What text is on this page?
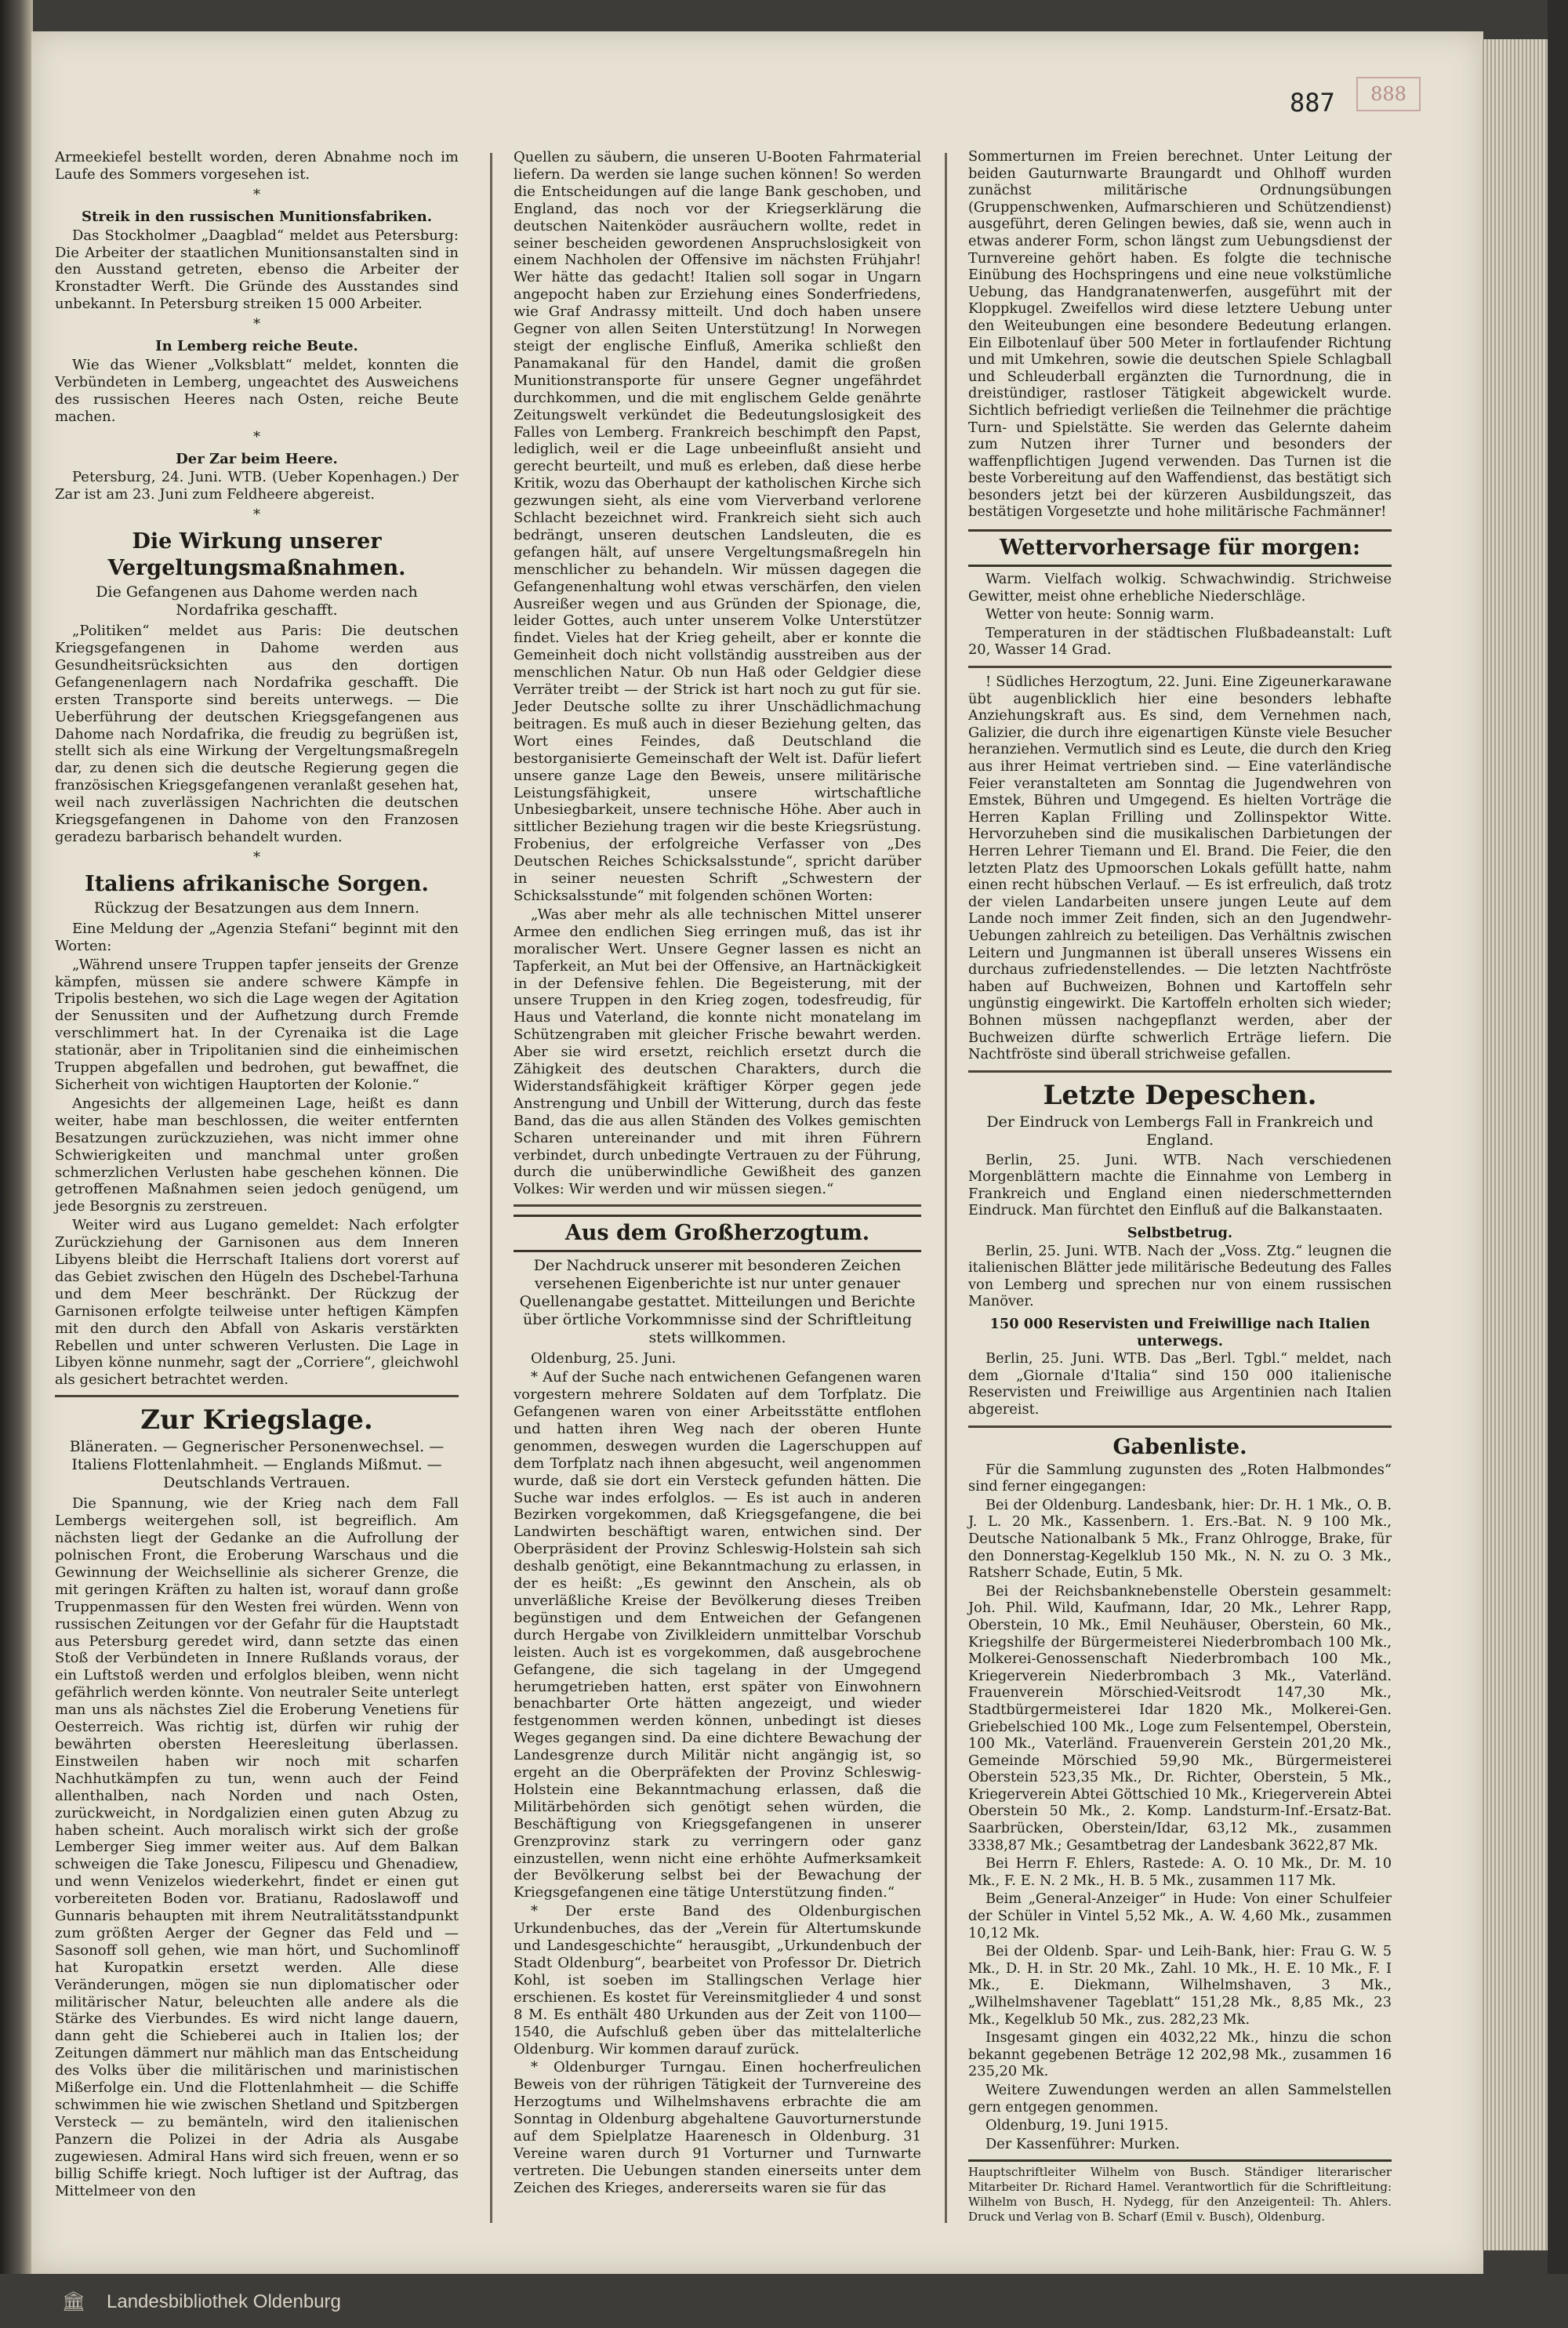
887	888

Armeekiefel bestellt worden, deren Abnahme noch im Laufe des Sommers vorgesehen ist.

*
Streik in den russischen Munitionsfabriken.

Das Stockholmer „Daagblad“ meldet aus Petersburg: Die Arbeiter der staatlichen Munitionsanstalten sind in den Ausstand getreten, ebenso die Arbeiter der Kronstadter Werft. Die Gründe des Ausstandes sind unbekannt. In Petersburg streiken 15 000 Arbeiter.

*
In Lemberg reiche Beute.

Wie das Wiener „Volksblatt“ meldet, konnten die Verbündeten in Lemberg, ungeachtet des Ausweichens des russischen Heeres nach Osten, reiche Beute machen.

*
Der Zar beim Heere.

Petersburg, 24. Juni. WTB. (Ueber Kopenhagen.) Der Zar ist am 23. Juni zum Feldheere abgereist.

*
Die Wirkung unserer Vergeltungsmaßnahmen.
Die Gefangenen aus Dahome werden nach Nordafrika geschafft.

„Politiken“ meldet aus Paris: Die deutschen Kriegsgefangenen in Dahome werden aus Gesundheitsrücksichten aus den dortigen Gefangenenlagern nach Nordafrika geschafft. Die ersten Transporte sind bereits unterwegs. — Die Ueberführung der deutschen Kriegsgefangenen aus Dahome nach Nordafrika, die freudig zu begrüßen ist, stellt sich als eine Wirkung der Vergeltungsmaßregeln dar, zu denen sich die deutsche Regierung gegen die französischen Kriegsgefangenen veranlaßt gesehen hat, weil nach zuverlässigen Nachrichten die deutschen Kriegsgefangenen in Dahome von den Franzosen geradezu barbarisch behandelt wurden.

*
Italiens afrikanische Sorgen.
Rückzug der Besatzungen aus dem Innern.

Eine Meldung der „Agenzia Stefani“ beginnt mit den Worten:

„Während unsere Truppen tapfer jenseits der Grenze kämpfen, müssen sie andere schwere Kämpfe in Tripolis bestehen, wo sich die Lage wegen der Agitation der Senussiten und der Aufhetzung durch Fremde verschlimmert hat. In der Cyrenaika ist die Lage stationär, aber in Tripolitanien sind die einheimischen Truppen abgefallen und bedrohen, gut bewaffnet, die Sicherheit von wichtigen Hauptorten der Kolonie.“

Angesichts der allgemeinen Lage, heißt es dann weiter, habe man beschlossen, die weiter entfernten Besatzungen zurückzuziehen, was nicht immer ohne Schwierigkeiten und manchmal unter großen schmerzlichen Verlusten habe geschehen können. Die getroffenen Maßnahmen seien jedoch genügend, um jede Besorgnis zu zerstreuen.

Weiter wird aus Lugano gemeldet: Nach erfolgter Zurückziehung der Garnisonen aus dem Inneren Libyens bleibt die Herrschaft Italiens dort vorerst auf das Gebiet zwischen den Hügeln des Dschebel-Tarhuna und dem Meer beschränkt. Der Rückzug der Garnisonen erfolgte teilweise unter heftigen Kämpfen mit den durch den Abfall von Askaris verstärkten Rebellen und unter schweren Verlusten. Die Lage in Libyen könne nunmehr, sagt der „Corriere“, gleichwohl als gesichert betrachtet werden.

Zur Kriegslage.
Bläneraten. — Gegnerischer Personenwechsel. — Italiens Flottenlahmheit. — Englands Mißmut. — Deutschlands Vertrauen.

Die Spannung, wie der Krieg nach dem Fall Lembergs weitergehen soll, ist begreiflich. Am nächsten liegt der Gedanke an die Aufrollung der polnischen Front, die Eroberung Warschaus und die Gewinnung der Weichsellinie als sicherer Grenze, die mit geringen Kräften zu halten ist, worauf dann große Truppenmassen für den Westen frei würden. Wenn von russischen Zeitungen vor der Gefahr für die Hauptstadt aus Petersburg geredet wird, dann setzte das einen Stoß der Verbündeten in Innere Rußlands voraus, der ein Luftstoß werden und erfolglos bleiben, wenn nicht gefährlich werden könnte. Von neutraler Seite unterlegt man uns als nächstes Ziel die Eroberung Venetiens für Oesterreich. Was richtig ist, dürfen wir ruhig der bewährten obersten Heeresleitung überlassen. Einstweilen haben wir noch mit scharfen Nachhutkämpfen zu tun, wenn auch der Feind allenthalben, nach Norden und nach Osten, zurückweicht, in Nordgalizien einen guten Abzug zu haben scheint. Auch moralisch wirkt sich der große Lemberger Sieg immer weiter aus. Auf dem Balkan schweigen die Take Jonescu, Filipescu und Ghenadiew, und wenn Venizelos wiederkehrt, findet er einen gut vorbereiteten Boden vor. Bratianu, Radoslawoff und Gunnaris behaupten mit ihrem Neutralitätsstandpunkt zum größten Aerger der Gegner das Feld und — Sasonoff soll gehen, wie man hört, und Suchomlinoff hat Kuropatkin ersetzt werden. Alle diese Veränderungen, mögen sie nun diplomatischer oder militärischer Natur, beleuchten alle andere als die Stärke des Vierbundes. Es wird nicht lange dauern, dann geht die Schieberei auch in Italien los; der Zeitungen dämmert nur mählich man das Entscheidung des Volks über die militärischen und marinistischen Mißerfolge ein. Und die Flottenlahmheit — die Schiffe schwimmen hie wie zwischen Shetland und Spitzbergen Versteck — zu bemänteln, wird den italienischen Panzern die Polizei in der Adria als Ausgabe zugewiesen. Admiral Hans wird sich freuen, wenn er so billig Schiffe kriegt. Noch luftiger ist der Auftrag, das Mittelmeer von den

Quellen zu säubern, die unseren U-Booten Fahrmaterial liefern. Da werden sie lange suchen können! So werden die Entscheidungen auf die lange Bank geschoben, und England, das noch vor der Kriegserklärung die deutschen Naitenköder ausräuchern wollte, redet in seiner bescheiden gewordenen Anspruchslosigkeit von einem Nachholen der Offensive im nächsten Frühjahr! Wer hätte das gedacht! Italien soll sogar in Ungarn angepocht haben zur Erziehung eines Sonderfriedens, wie Graf Andrassy mitteilt. Und doch haben unsere Gegner von allen Seiten Unterstützung! In Norwegen steigt der englische Einfluß, Amerika schließt den Panamakanal für den Handel, damit die großen Munitionstransporte für unsere Gegner ungefährdet durchkommen, und die mit englischem Gelde genährte Zeitungswelt verkündet die Bedeutungslosigkeit des Falles von Lemberg. Frankreich beschimpft den Papst, lediglich, weil er die Lage unbeeinflußt ansieht und gerecht beurteilt, und muß es erleben, daß diese herbe Kritik, wozu das Oberhaupt der katholischen Kirche sich gezwungen sieht, als eine vom Vierverband verlorene Schlacht bezeichnet wird. Frankreich sieht sich auch bedrängt, unseren deutschen Landsleuten, die es gefangen hält, auf unsere Vergeltungsmaßregeln hin menschlicher zu behandeln. Wir müssen dagegen die Gefangenenhaltung wohl etwas verschärfen, den vielen Ausreißer wegen und aus Gründen der Spionage, die, leider Gottes, auch unter unserem Volke Unterstützer findet. Vieles hat der Krieg geheilt, aber er konnte die Gemeinheit doch nicht vollständig ausstreiben aus der menschlichen Natur. Ob nun Haß oder Geldgier diese Verräter treibt — der Strick ist hart noch zu gut für sie. Jeder Deutsche sollte zu ihrer Unschädlichmachung beitragen. Es muß auch in dieser Beziehung gelten, das Wort eines Feindes, daß Deutschland die bestorganisierte Gemeinschaft der Welt ist. Dafür liefert unsere ganze Lage den Beweis, unsere militärische Leistungsfähigkeit, unsere wirtschaftliche Unbesiegbarkeit, unsere technische Höhe. Aber auch in sittlicher Beziehung tragen wir die beste Kriegsrüstung. Frobenius, der erfolgreiche Verfasser von „Des Deutschen Reiches Schicksalsstunde“, spricht darüber in seiner neuesten Schrift „Schwestern der Schicksalsstunde“ mit folgenden schönen Worten:

„Was aber mehr als alle technischen Mittel unserer Armee den endlichen Sieg erringen muß, das ist ihr moralischer Wert. Unsere Gegner lassen es nicht an Tapferkeit, an Mut bei der Offensive, an Hartnäckigkeit in der Defensive fehlen. Die Begeisterung, mit der unsere Truppen in den Krieg zogen, todesfreudig, für Haus und Vaterland, die konnte nicht monatelang im Schützengraben mit gleicher Frische bewahrt werden. Aber sie wird ersetzt, reichlich ersetzt durch die Zähigkeit des deutschen Charakters, durch die Widerstandsfähigkeit kräftiger Körper gegen jede Anstrengung und Unbill der Witterung, durch das feste Band, das die aus allen Ständen des Volkes gemischten Scharen untereinander und mit ihren Führern verbindet, durch unbedingte Vertrauen zu der Führung, durch die unüberwindliche Gewißheit des ganzen Volkes: Wir werden und wir müssen siegen.“

Aus dem Großherzogtum.
Der Nachdruck unserer mit besonderen Zeichen versehenen Eigenberichte ist nur unter genauer Quellenangabe gestattet. Mitteilungen und Berichte über örtliche Vorkommnisse sind der Schriftleitung stets willkommen.

Oldenburg, 25. Juni.

* Auf der Suche nach entwichenen Gefangenen waren vorgestern mehrere Soldaten auf dem Torfplatz. Die Gefangenen waren von einer Arbeitsstätte entflohen und hatten ihren Weg nach der oberen Hunte genommen, deswegen wurden die Lagerschuppen auf dem Torfplatz nach ihnen abgesucht, weil angenommen wurde, daß sie dort ein Versteck gefunden hätten. Die Suche war indes erfolglos. — Es ist auch in anderen Bezirken vorgekommen, daß Kriegsgefangene, die bei Landwirten beschäftigt waren, entwichen sind. Der Oberpräsident der Provinz Schleswig-Holstein sah sich deshalb genötigt, eine Bekanntmachung zu erlassen, in der es heißt: „Es gewinnt den Anschein, als ob unverläßliche Kreise der Bevölkerung dieses Treiben begünstigen und dem Entweichen der Gefangenen durch Hergabe von Zivilkleidern unmittelbar Vorschub leisten. Auch ist es vorgekommen, daß ausgebrochene Gefangene, die sich tagelang in der Umgegend herumgetrieben hatten, erst später von Einwohnern benachbarter Orte hätten angezeigt, und wieder festgenommen werden können, unbedingt ist dieses Weges gegangen sind. Da eine dichtere Bewachung der Landesgrenze durch Militär nicht angängig ist, so ergeht an die Oberpräfekten der Provinz Schleswig-Holstein eine Bekanntmachung erlassen, daß die Militärbehörden sich genötigt sehen würden, die Beschäftigung von Kriegsgefangenen in unserer Grenzprovinz stark zu verringern oder ganz einzustellen, wenn nicht eine erhöhte Aufmerksamkeit der Bevölkerung selbst bei der Bewachung der Kriegsgefangenen eine tätige Unterstützung finden.“

* Der erste Band des Oldenburgischen Urkundenbuches, das der „Verein für Altertumskunde und Landesgeschichte“ herausgibt, „Urkundenbuch der Stadt Oldenburg“, bearbeitet von Professor Dr. Dietrich Kohl, ist soeben im Stallingschen Verlage hier erschienen. Es kostet für Vereinsmitglieder 4 und sonst 8 M. Es enthält 480 Urkunden aus der Zeit von 1100—1540, die Aufschluß geben über das mittelalterliche Oldenburg. Wir kommen darauf zurück.

* Oldenburger Turngau. Einen hocherfreulichen Beweis von der rührigen Tätigkeit der Turnvereine des Herzogtums und Wilhelmshavens erbrachte die am Sonntag in Oldenburg abgehaltene Gauvorturnerstunde auf dem Spielplatze Haarenesch in Oldenburg. 31 Vereine waren durch 91 Vorturner und Turnwarte vertreten. Die Uebungen standen einerseits unter dem Zeichen des Krieges, andererseits waren sie für das

Sommerturnen im Freien berechnet. Unter Leitung der beiden Gauturnwarte Braungardt und Ohlhoff wurden zunächst militärische Ordnungsübungen (Gruppenschwenken, Aufmarschieren und Schützendienst) ausgeführt, deren Gelingen bewies, daß sie, wenn auch in etwas anderer Form, schon längst zum Uebungsdienst der Turnvereine gehört haben. Es folgte die technische Einübung des Hochspringens und eine neue volkstümliche Uebung, das Handgranatenwerfen, ausgeführt mit der Kloppkugel. Zweifellos wird diese letztere Uebung unter den Weiteubungen eine besondere Bedeutung erlangen. Ein Eilbotenlauf über 500 Meter in fortlaufender Richtung und mit Umkehren, sowie die deutschen Spiele Schlagball und Schleuderball ergänzten die Turnordnung, die in dreistündiger, rastloser Tätigkeit abgewickelt wurde. Sichtlich befriedigt verließen die Teilnehmer die prächtige Turn- und Spielstätte. Sie werden das Gelernte daheim zum Nutzen ihrer Turner und besonders der waffenpflichtigen Jugend verwenden. Das Turnen ist die beste Vorbereitung auf den Waffendienst, das bestätigt sich besonders jetzt bei der kürzeren Ausbildungszeit, das bestätigen Vorgesetzte und hohe militärische Fachmänner!

Wettervorhersage für morgen:

Warm. Vielfach wolkig. Schwachwindig. Strichweise Gewitter, meist ohne erhebliche Niederschläge.

Wetter von heute: Sonnig warm.

Temperaturen in der städtischen Flußbadeanstalt: Luft 20, Wasser 14 Grad.

! Südliches Herzogtum, 22. Juni. Eine Zigeunerkarawane übt augenblicklich hier eine besonders lebhafte Anziehungskraft aus. Es sind, dem Vernehmen nach, Galizier, die durch ihre eigenartigen Künste viele Besucher heranziehen. Vermutlich sind es Leute, die durch den Krieg aus ihrer Heimat vertrieben sind. — Eine vaterländische Feier veranstalteten am Sonntag die Jugendwehren von Emstek, Bühren und Umgegend. Es hielten Vorträge die Herren Kaplan Frilling und Zollinspektor Witte. Hervorzuheben sind die musikalischen Darbietungen der Herren Lehrer Tiemann und El. Brand. Die Feier, die den letzten Platz des Upmoorschen Lokals gefüllt hatte, nahm einen recht hübschen Verlauf. — Es ist erfreulich, daß trotz der vielen Landarbeiten unsere jungen Leute auf dem Lande noch immer Zeit finden, sich an den Jugendwehr-Uebungen zahlreich zu beteiligen. Das Verhältnis zwischen Leitern und Jungmannen ist überall unseres Wissens ein durchaus zufriedenstellendes. — Die letzten Nachtfröste haben auf Buchweizen, Bohnen und Kartoffeln sehr ungünstig eingewirkt. Die Kartoffeln erholten sich wieder; Bohnen müssen nachgepflanzt werden, aber der Buchweizen dürfte schwerlich Erträge liefern. Die Nachtfröste sind überall strichweise gefallen.

Letzte Depeschen.
Der Eindruck von Lembergs Fall in Frankreich und England.

Berlin, 25. Juni. WTB. Nach verschiedenen Morgenblättern machte die Einnahme von Lemberg in Frankreich und England einen niederschmetternden Eindruck. Man fürchtet den Einfluß auf die Balkanstaaten.

Selbstbetrug.

Berlin, 25. Juni. WTB. Nach der „Voss. Ztg.“ leugnen die italienischen Blätter jede militärische Bedeutung des Falles von Lemberg und sprechen nur von einem russischen Manöver.

150 000 Reservisten und Freiwillige nach Italien unterwegs.

Berlin, 25. Juni. WTB. Das „Berl. Tgbl.“ meldet, nach dem „Giornale d'Italia“ sind 150 000 italienische Reservisten und Freiwillige aus Argentinien nach Italien abgereist.

Gabenliste.

Für die Sammlung zugunsten des „Roten Halbmondes“ sind ferner eingegangen:

Bei der Oldenburg. Landesbank, hier: Dr. H. 1 Mk., O. B. J. L. 20 Mk., Kassenbern. 1. Ers.-Bat. N. 9 100 Mk., Deutsche Nationalbank 5 Mk., Franz Ohlrogge, Brake, für den Donnerstag-Kegelklub 150 Mk., N. N. zu O. 3 Mk., Ratsherr Schade, Eutin, 5 Mk.

Bei der Reichsbanknebenstelle Oberstein gesammelt: Joh. Phil. Wild, Kaufmann, Idar, 20 Mk., Lehrer Rapp, Oberstein, 10 Mk., Emil Neuhäuser, Oberstein, 60 Mk., Kriegshilfe der Bürgermeisterei Niederbrombach 100 Mk., Molkerei-Genossenschaft Niederbrombach 100 Mk., Kriegerverein Niederbrombach 3 Mk., Vaterländ. Frauenverein Mörschied-Veitsrodt 147,30 Mk., Stadtbürgermeisterei Idar 1820 Mk., Molkerei-Gen. Griebelschied 100 Mk., Loge zum Felsentempel, Oberstein, 100 Mk., Vaterländ. Frauenverein Gerstein 201,20 Mk., Gemeinde Mörschied 59,90 Mk., Bürgermeisterei Oberstein 523,35 Mk., Dr. Richter, Oberstein, 5 Mk., Kriegerverein Abtei Göttschied 10 Mk., Kriegerverein Abtei Oberstein 50 Mk., 2. Komp. Landsturm-Inf.-Ersatz-Bat. Saarbrücken, Oberstein/Idar, 63,12 Mk., zusammen 3338,87 Mk.; Gesamtbetrag der Landesbank 3622,87 Mk.

Bei Herrn F. Ehlers, Rastede: A. O. 10 Mk., Dr. M. 10 Mk., F. E. N. 2 Mk., H. B. 5 Mk., zusammen 117 Mk.

Beim „General-Anzeiger“ in Hude: Von einer Schulfeier der Schüler in Vintel 5,52 Mk., A. W. 4,60 Mk., zusammen 10,12 Mk.

Bei der Oldenb. Spar- und Leih-Bank, hier: Frau G. W. 5 Mk., D. H. in Str. 20 Mk., Zahl. 10 Mk., H. E. 10 Mk., F. I Mk., E. Diekmann, Wilhelmshaven, 3 Mk., „Wilhelmshavener Tageblatt“ 151,28 Mk., 8,85 Mk., 23 Mk., Kegelklub 50 Mk., zus. 282,23 Mk.

Insgesamt gingen ein 4032,22 Mk., hinzu die schon bekannt gegebenen Beträge 12 202,98 Mk., zusammen 16 235,20 Mk.

Weitere Zuwendungen werden an allen Sammelstellen gern entgegen genommen.

Oldenburg, 19. Juni 1915.

Der Kassenführer: Murken.

Hauptschriftleiter Wilhelm von Busch. Ständiger literarischer Mitarbeiter Dr. Richard Hamel. Verantwortlich für die Schriftleitung: Wilhelm von Busch, H. Nydegg, für den Anzeigenteil: Th. Ahlers. Druck und Verlag von B. Scharf (Emil v. Busch), Oldenburg.
🏛	Landesbibliothek Oldenburg
